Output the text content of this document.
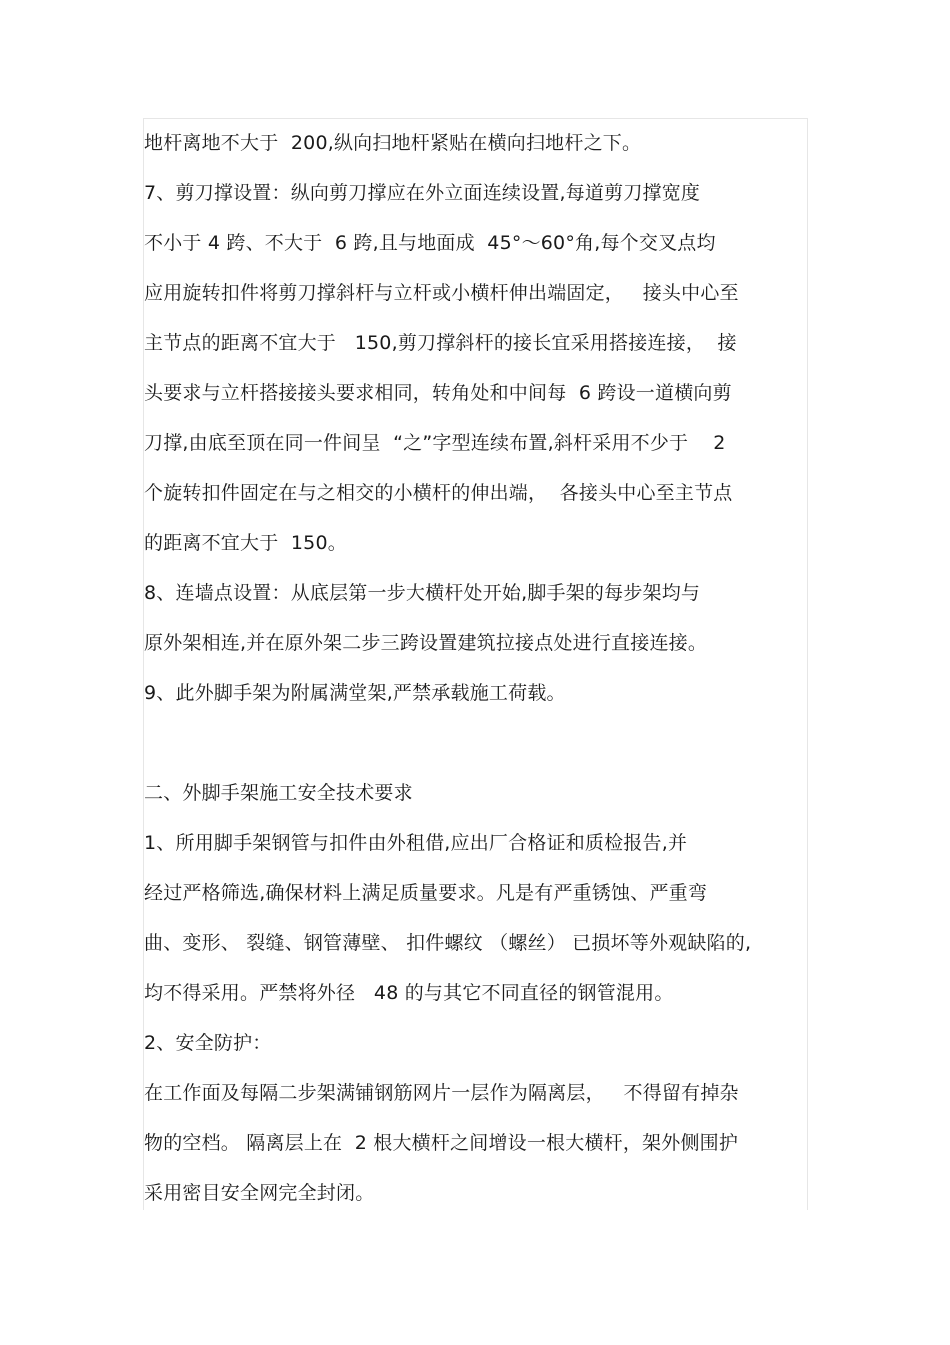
地杆离地不大于  200,纵向扫地杆紧贴在横向扫地杆之下。
7、剪刀撑设置：纵向剪刀撑应在外立面连续设置,每道剪刀撑宽度
不小于 4 跨、不大于  6 跨,且与地面成  45°～60°角,每个交叉点均
应用旋转扣件将剪刀撑斜杆与立杆或小横杆伸出端固定，   接头中心至
主节点的距离不宜大于   150,剪刀撑斜杆的接长宜采用搭接连接，  接
头要求与立杆搭接接头要求相同，转角处和中间每  6 跨设一道横向剪
刀撑,由底至顶在同一件间呈  “之”字型连续布置,斜杆采用不少于    2
个旋转扣件固定在与之相交的小横杆的伸出端，  各接头中心至主节点
的距离不宜大于  150。
8、连墙点设置：从底层第一步大横杆处开始,脚手架的每步架均与
原外架相连,并在原外架二步三跨设置建筑拉接点处进行直接连接。
9、此外脚手架为附属满堂架,严禁承载施工荷载。
二、外脚手架施工安全技术要求
1、所用脚手架钢管与扣件由外租借,应出厂合格证和质检报告,并
经过严格筛选,确保材料上满足质量要求。凡是有严重锈蚀、严重弯
曲、变形、 裂缝、钢管薄壁、 扣件螺纹 （螺丝） 已损坏等外观缺陷的,
均不得采用。严禁将外径   48 的与其它不同直径的钢管混用。
2、安全防护：
在工作面及每隔二步架满铺钢筋网片一层作为隔离层，   不得留有掉杂
物的空档。 隔离层上在  2 根大横杆之间增设一根大横杆，架外侧围护
采用密目安全网完全封闭。
